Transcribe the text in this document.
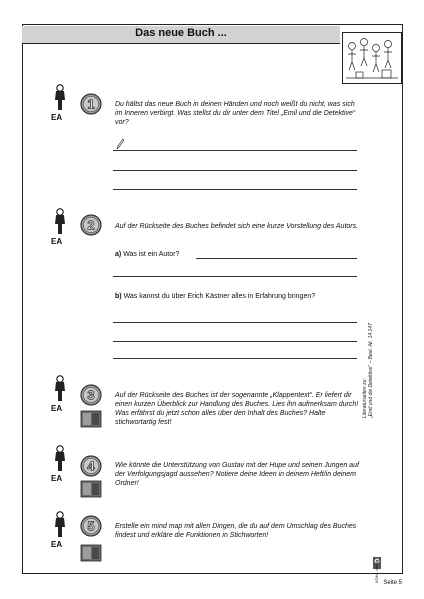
Das neue Buch ...
EA
1	Du hältst das neue Buch in deinen Händen und noch weißt du nicht, was sich im Inneren verbirgt. Was stellst du dir unter dem Titel „Emil und die Detektive“ vor?
EA
2	Auf der Rückseite des Buches befindet sich eine kurze Vorstellung des Autors.
a) Was ist ein Autor?
b) Was kannst du über Erich Kästner alles in Erfahrung bringen?
EA
3	Auf der Rückseite des Buches ist der sogenannte „Klappentext“. Er liefert dir einen kurzen Überblick zur Handlung des Buches. Lies ihn aufmerksam durch! Was erfährst du jetzt schon alles über den Inhalt des Buches? Halte stichwortartig fest!
EA
4	Wie könnte die Unterstützung von Gustav mit der Hupe und seinen Jungen auf der Verfolgungsjagd aussehen? Notiere deine Ideen in deinem Heft/in deinem Ordner!
EA
5	Erstelle ein mind map mit allen Dingen, die du auf dem Umschlag des Buches findest und erkläre die Funktionen in Stichworten!
Literaturseiten zu: „Emil und die Detektive“ – Best.-Nr. 14 147
KOHL Verlag Seite 5
